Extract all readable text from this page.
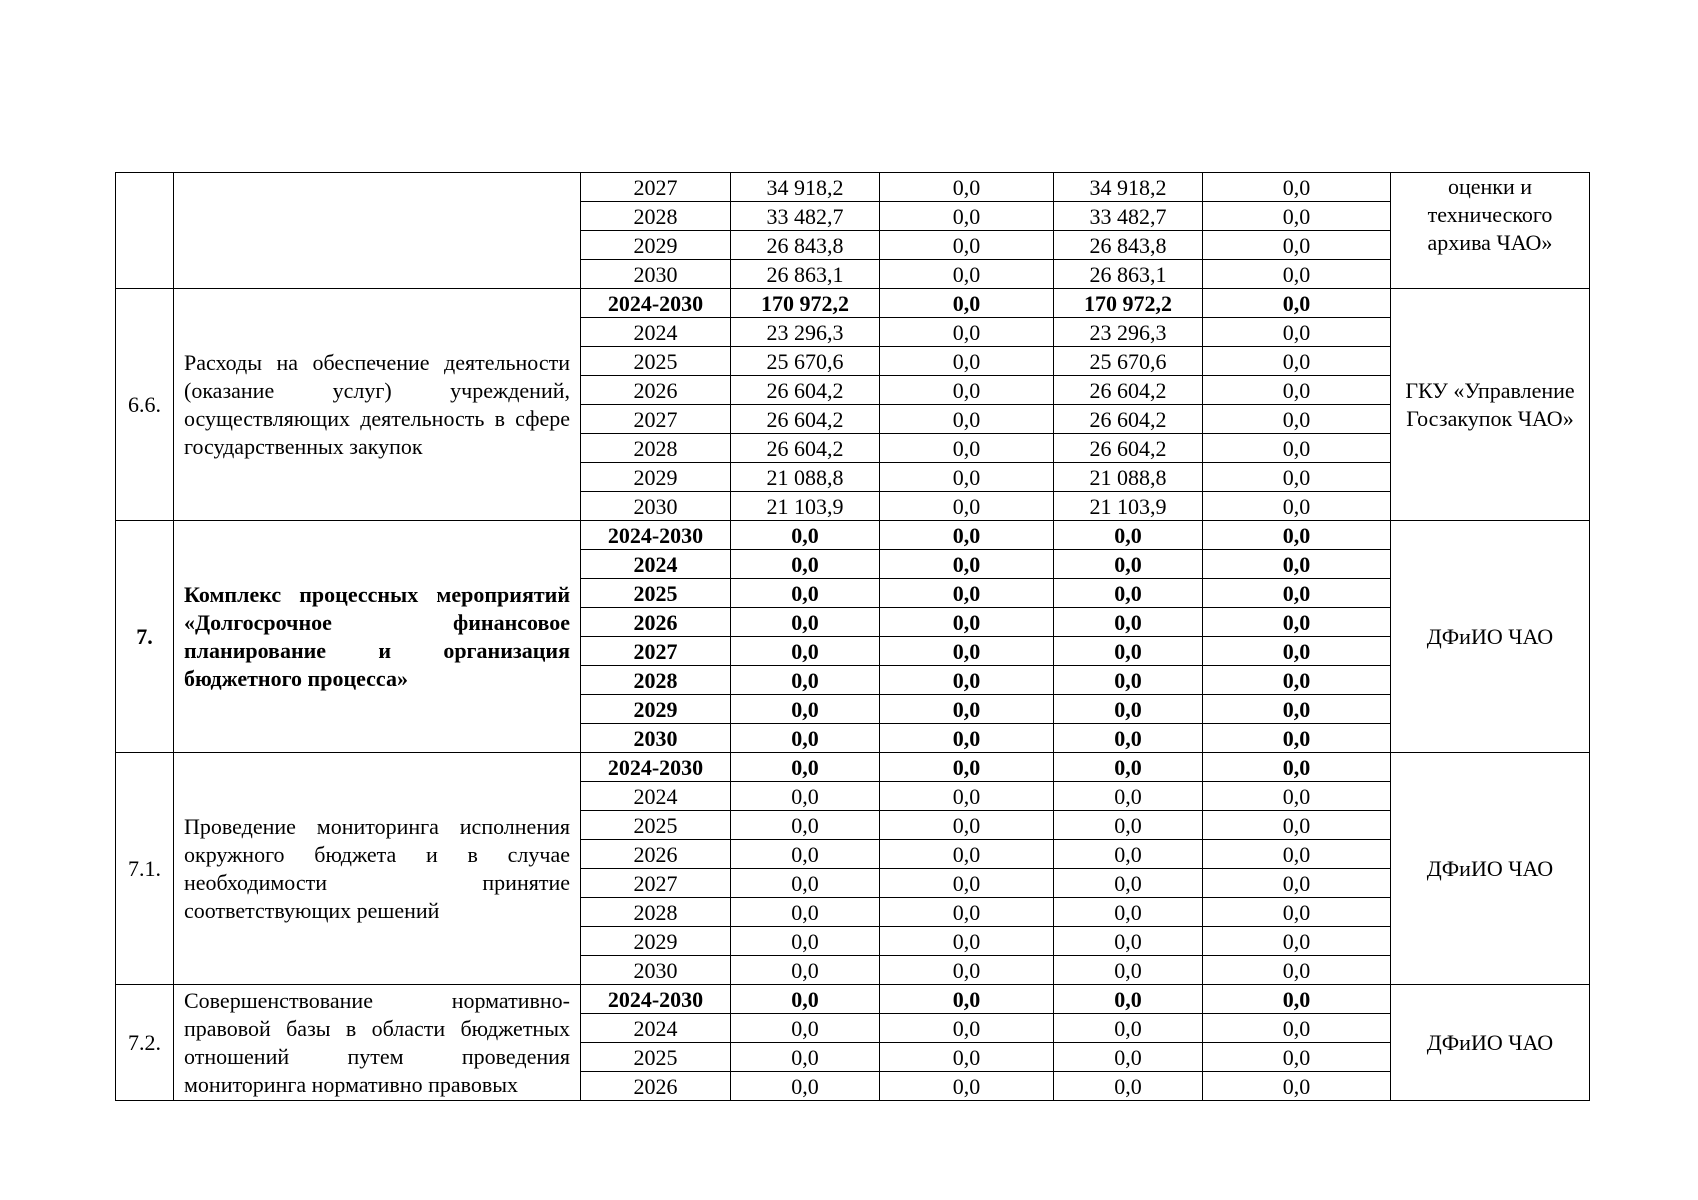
		2027	34 918,2	0,0	34 918,2	0,0	оценки и технического архива ЧАО»
		2028	33 482,7	0,0	33 482,7	0,0	
		2029	26 843,8	0,0	26 843,8	0,0	
		2030	26 863,1	0,0	26 863,1	0,0	
6.6.	Расходы на обеспечение деятельности (оказание услуг) учреждений, осуществляющих деятельность в сфере государственных закупок	2024-2030	170 972,2	0,0	170 972,2	0,0	ГКУ «Управление Госзакупок ЧАО»
		2024	23 296,3	0,0	23 296,3	0,0	
		2025	25 670,6	0,0	25 670,6	0,0	
		2026	26 604,2	0,0	26 604,2	0,0	
		2027	26 604,2	0,0	26 604,2	0,0	
		2028	26 604,2	0,0	26 604,2	0,0	
		2029	21 088,8	0,0	21 088,8	0,0	
		2030	21 103,9	0,0	21 103,9	0,0	
7.	Комплекс процессных мероприятий «Долгосрочное финансовое планирование и организация бюджетного процесса»	2024-2030	0,0	0,0	0,0	0,0	ДФиИО ЧАО
		2024	0,0	0,0	0,0	0,0	
		2025	0,0	0,0	0,0	0,0	
		2026	0,0	0,0	0,0	0,0	
		2027	0,0	0,0	0,0	0,0	
		2028	0,0	0,0	0,0	0,0	
		2029	0,0	0,0	0,0	0,0	
		2030	0,0	0,0	0,0	0,0	
7.1.	Проведение мониторинга исполнения окружного бюджета и в случае необходимости принятие соответствующих решений	2024-2030	0,0	0,0	0,0	0,0	ДФиИО ЧАО
		2024	0,0	0,0	0,0	0,0	
		2025	0,0	0,0	0,0	0,0	
		2026	0,0	0,0	0,0	0,0	
		2027	0,0	0,0	0,0	0,0	
		2028	0,0	0,0	0,0	0,0	
		2029	0,0	0,0	0,0	0,0	
		2030	0,0	0,0	0,0	0,0	
7.2.	Совершенствование нормативно-правовой базы в области бюджетных отношений путем проведения мониторинга нормативно правовых	2024-2030	0,0	0,0	0,0	0,0	ДФиИО ЧАО
		2024	0,0	0,0	0,0	0,0	
		2025	0,0	0,0	0,0	0,0	
		2026	0,0	0,0	0,0	0,0	
